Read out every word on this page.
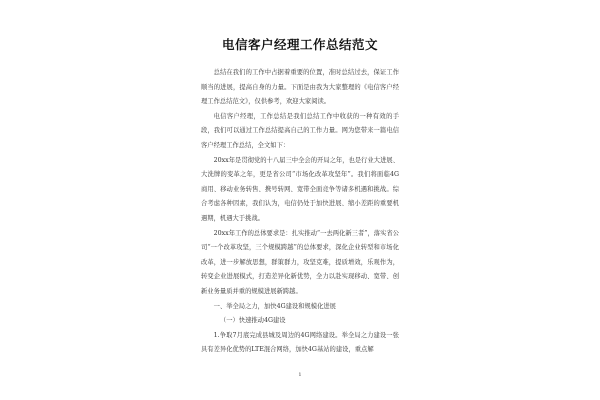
电信客户经理工作总结范文

总结在我们的工作中占据着重要的位置，准时总结过去，保证工作顺当的进展，提高自身的力量。下面是由我为大家整理的《电信客户经理工作总结范文》，仅供参考，欢迎大家阅读。

电信客户经理，工作总结是我们总结工作中收获的一种有效的手段，我们可以通过工作总结提高自己的工作力量。网为您带来一篇电信客户经理工作总结，全文如下：

20xx年是贯彻党的十八届三中全会的开局之年，也是行业大进展、大洗牌的变革之年，更是省公司“市场化改革攻坚年”。我们将面临4G商用、移动业务转售、携号转网、宽带全面竞争等诸多机遇和挑战。综合考虑各种因素，我们认为，电信仍处于加快进展、缩小差距的重要机遇期，机遇大于挑战。

20xx年工作的总体要求是：扎实推动“一去两化新三者”，落实省公司“一个改革攻坚，三个规模跨越”的总体要求，深化企业转型和市场化改革，进一步解放思想，群策群力，攻坚克难，提质增效，乐观作为，转变企业进展模式，打造差异化新优势，全力以赴实现移动、宽带、创新业务量质并重的规模进展新跨越。

一、举全局之力，加快4G建设和规模化进展

（一）快速推动4G建设

1.争取7月底完成县城及周边的4G网络建设。举全局之力建设一张具有差异化优势的LTE混合网络，加快4G基站的建设，重点解

1
